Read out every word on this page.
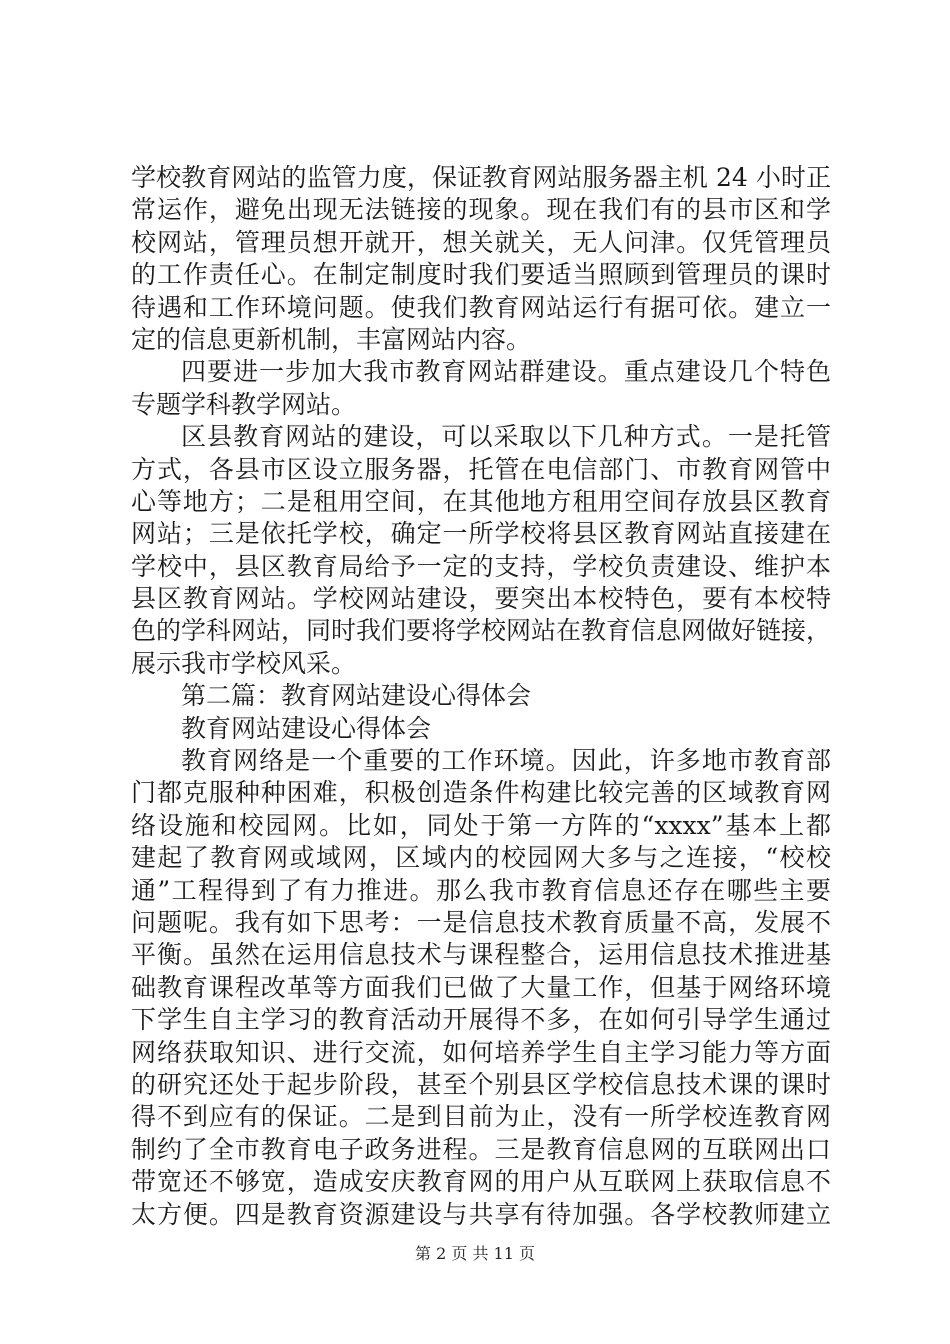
学校教育网站的监管力度，保证教育网站服务器主机 24 小时正
常运作，避免出现无法链接的现象。现在我们有的县市区和学
校网站，管理员想开就开，想关就关，无人问津。仅凭管理员
的工作责任心。在制定制度时我们要适当照顾到管理员的课时
待遇和工作环境问题。使我们教育网站运行有据可依。建立一
定的信息更新机制，丰富网站内容。
四要进一步加大我市教育网站群建设。重点建设几个特色
专题学科教学网站。
区县教育网站的建设，可以采取以下几种方式。一是托管
方式，各县市区设立服务器，托管在电信部门、市教育网管中
心等地方；二是租用空间，在其他地方租用空间存放县区教育
网站；三是依托学校，确定一所学校将县区教育网站直接建在
学校中，县区教育局给予一定的支持，学校负责建设、维护本
县区教育网站。学校网站建设，要突出本校特色，要有本校特
色的学科网站，同时我们要将学校网站在教育信息网做好链接，
展示我市学校风采。
第二篇：教育网站建设心得体会
教育网站建设心得体会
教育网络是一个重要的工作环境。因此，许多地市教育部
门都克服种种困难，积极创造条件构建比较完善的区域教育网
络设施和校园网。比如，同处于第一方阵的“xxxx”基本上都
建起了教育网或域网，区域内的校园网大多与之连接，“校校
通”工程得到了有力推进。那么我市教育信息还存在哪些主要
问题呢。我有如下思考：一是信息技术教育质量不高，发展不
平衡。虽然在运用信息技术与课程整合，运用信息技术推进基
础教育课程改革等方面我们已做了大量工作，但基于网络环境
下学生自主学习的教育活动开展得不多，在如何引导学生通过
网络获取知识、进行交流，如何培养学生自主学习能力等方面
的研究还处于起步阶段，甚至个别县区学校信息技术课的课时
得不到应有的保证。二是到目前为止，没有一所学校连教育网
制约了全市教育电子政务进程。三是教育信息网的互联网出口
带宽还不够宽，造成安庆教育网的用户从互联网上获取信息不
太方便。四是教育资源建设与共享有待加强。各学校教师建立
第 2 页 共 11 页
